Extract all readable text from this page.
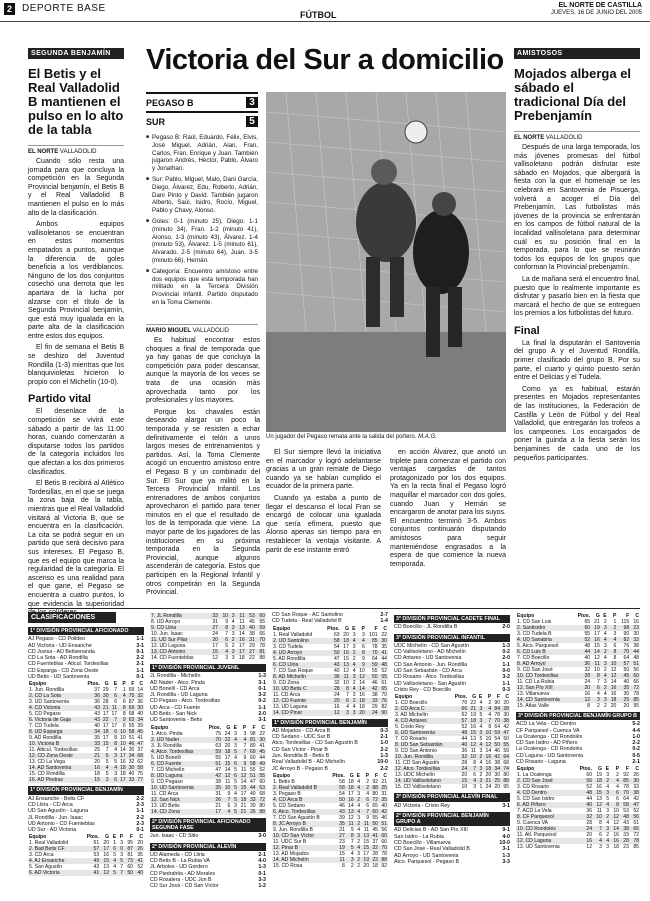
2 DEPORTE BASE
FÚTBOL
EL NORTE DE CASTILLA
JUEVES, 16 DE JUNIO DEL 2005
SEGUNDA BENJAMÍN
El Betis y el Real Valladolid B mantienen el pulso en lo alto de la tabla
EL NORTE VALLADOLID

Cuando sólo resta una jornada para que concluya la competición en la Segunda Provincial benjamín, el Betis B y el Real Valladolid B mantienen el pulso en lo más alto de la clasificación.

Ambos equipos vallisoletanos se encuentran en estos momentos empatados a puntos, aunque la diferencia de goles beneficia a los verdiblancos. Ninguno de los dos conjuntos cosechó una derrota que les apartara de la lucha por alzarse con el título de la Segunda Provincial benjamín, que está muy igualada en la parte alta de la clasificación entre estos dos equipos.

El fin de semana el Betis B se deshizo del Juventud Rondilla (1-3) mientras que los blanquivioletas hicieron lo propio con el Michelín (10-0).

Partido vital

El desenlace de la competición se vivirá este sábado a partir de las 11.00 horas, cuando comenzarán a disputarse todos los partidos de la categoría incluidos los que afectan a los dos primeros clasificados.

El Betis B recibirá al Atlético Tordesillas, en el que se juega la zona baja de la tabla, mientras que el Real Valladolid visitará al Victoria B, que se encuentra en la clasificación. La cita se podrá seguir en un partido que será decisivo para sus intereses. El Pegaso B, que es el equipo que marca la regularidad de la categoría. El ascenso es una realidad para el que gane, el Pegaso se encuentra a cuatro puntos, lo que evidencia la superioridad

Victoria del Sur a domicilio
PEGASO B	3
SUR	5

■ Pegaso B: Raúl, Eduardo, Félix, Elvis, José Miguel, Adrián, Alan, Fran, Carlos, Fran, Enrique y Juan. También jugaron Andrés, Héctor, Pablo, Álvaro y Jonathan.

■ Sur: Pablo, Miguel, Malo, Dani García, Diego, Álvarez, Edu, Roberto, Adrián, Dani Pinto y David. También jugaron Alberto, Saúl, Isidro, Rocío, Miguel, Pablo y Chavy, Alonso.

■ Goles: 0-1 (minuto 25), Diego. 1-1 (minuto 34), Fran. 1-2 (minuto 41), Alonso. 1-3 (minuto 43), Álvarez. 1-4 (minuto 53), Álvarez. 1-5 (minuto 61), Alvarado. 2-5 (minuto 64), Juan. 3-5 (minuto 66), Hernán.

■ Categoría: Encuentro amistoso entre dos equipos que esta temporada han militado en la Tercera División Provincial Infantil. Partido disputado en la Toma Clemente.

MARIO MIGUEL VALLADOLID
Un jugador del Pegaso remata ante la salida del portero. M.A.G.

Es habitual encontrar estos choques a final de temporada que ya hay ganas de que concluya la competición para poder descansar, aunque la mayoría de los veces se trata de una ocasión más aprovechada tanto por los profesionales y los mayores.

Porque los chavales están deseando alargar un poco la temporada y se resisten a echar definitivamente el telón a unos largos meses de entrenamientos y partidos. Así, la Toma Clemente acogió un encuentro amistoso entre el Pegaso B y un combinado del Sur. El Sur que ya militó en la Tercera Provincial Infantil. Los entrenadores de ambos conjuntos aprovecharon el partido para tener minutos en el que el resultado de los de la temporada que viene. La mayor parte de los jugadores de las instituciones en su próxima temporada en la Segunda Provincial, aunque algunos ascenderán de categoría. Estos que participen en la Regional Infantil y otros competirán en la Segunda Provincial.

El Sur siempre llevó la iniciativa en el marcador y logró adelantarse gracias a un gran remate de Diego cuando ya se habían cumplido el ecuador de la primera parte.

Cuando ya estaba a punto de llegar el descanso el local Fran se encargó de colocar una igualada que sería efímera, puesto que Alonso apenas sin tiempo para en restablecer la ventaja visitante. A partir de ese instante entró

en acción Álvarez, que anotó un triplete para comenzar el partido con ventajas cargadas de tantos protagonizado por los dos equipos. Ya en la recta final el Pegaso logró maquillar el marcador con dos goles, cuando Juan y Hernán se encargaron de anotar para los suyos. El encuentro terminó 3-5. Ambos conjuntos continuarán disputando amistosos para seguir manteniéndose engrasados a la espera de que comience la nueva temporada.

AMISTOSOS
Mojados alberga el sábado el tradicional Día del Prebenjamín
EL NORTE VALLADOLID

Después de una larga temporada, los más jóvenes promesas del fútbol vallisoletano podrán disfrutar este sábado en Mojados, que albergará la fiesta con la que el homenaje se les celebrará en Santovenia de Pisuerga, volverá a acoger el Día del Prebenjamín. Las futbolistas más jóvenes de la provincia se enfrentarán en los campos de fútbol natural de la localidad vallisoletana para determinar cuál es su posición final en la temporada, para lo que se reunirán todos los equipos de los grupos que conforman la Provincial prebenjamín.

La de mañana será el encuentro final, puesto que lo realmente importante es disfrutar y pasarlo bien en la fiesta que marcará el hecho de que se entreguen los premios a los futbolistas del futuro.

Final

La final la disputarán el Santovenia del grupo A y el Juventud Rondilla, primer clasificado del grupo B. Por su parte, el cuarto y quinto puesto serán entre el Delicias y el Tudela.

Como ya es habitual, estarán presentes en Mojados representantes de las instituciones, la Federación de Castilla y León de Fútbol y del Real Valladolid, que entregarán los trofeos a los campeones. Los encargados de poner la guinda a la fiesta serán los benjamines de cada uno de los pequeños participantes.

CLASIFICACIONES
1ª DIVISIÓN PROVINCIAL AFICIONADO
AJ Pegaso - CD Polideo	1-1
AD Victoria - UD Ensanche	3-1
CD Juvisa - AD Betisenanda	0-1
CD La Sota - AD Rondilla	2-2
CD Fuenteblas - Aticul. Tordesillas	2-1
CD Esparga - CD Zona Oeste	1-1
UD Betis - UD Santovenia	0-1
Equipo	Ptos.	G	E	P	F	C
1. Jun. Rondilla	37	29	7	1	69	14
2. CD La Sota	36	30	6	4	75	32
3. UD Santovenia	36	28	6	6	87	36
4. CD Victoria	43	21	11	8	69	30
5. CD Pegaso	43	17	17	8	68	40
6. Victoria de Gaja	43	22	7	9	63	34
7. CD Tudela	40	17	17	6	55	39
8. UD Esparga	34	18	6	10	58	45
9. AD Rondilla	35	17	8	10	51	41
10. Victoria B	33	15	8	10	46	47
11. Atticul. Tordesillas	25	7	4	14	30	37
12. CD Zona Oeste	21	6	3	17	34	68
13. CD La Vega	20	5	5	16	32	62
14. AD Santovenia	16	4	4	18	30	58
15. CD Rondilla	18	5	3	18	40	75
16. AD Piedras	15	3	6	17	33	77
1ª DIVISIÓN PROVINCIAL BENJAMÍN
AJ Ensanche - Betis CF	2-2
CD Lliria - CD Arca	2-3
UD San Agustín - Laguna	1-1
JL Rondilla - Jun. Isaac	2-2
UD Antonio - CD Fuenteblas	2-3
UD Sur - AD Victoria	0-1
Equipo	Ptos.	G	E	P	F	C
1. Real Valladolid	61	20	1	3	95	20
2. Bad Betis CF	57	17	6	0	87	26
3. CD Arca	53	16	5	3	81	35
4. AJ Ensanche	49	15	4	5	73	41
5. San Agustín	43	13	4	7	60	52
6. AD Victoria	41	12	5	7	50	40
7. JL Rondilla	33	10	3	11	53	60
8. UD Arroyo	31	9	4	11	45	55
9. CD Lliria	27	8	3	13	40	59
10. Jun. Isaac	24	7	3	14	38	66
11. UD Sur Pilar	20	6	2	16	31	70
12. UD Laguna	17	5	2	17	29	78
13. CD Antonio	15	4	3	17	27	81
14. CD Fuenteblas	12	3	3	18	22	88
1ª DIVISIÓN PROVINCIAL JUVENIL
JL Rondilla - Michelín	1-3
AD Nader - Atco. Pinda	3-1
UD Bonelli - CD Arca	0-1
JL Rondilla - UD Laguna	3-2
CD Pegaso - Atco. Tordesillas	0-2
UD Arca - CD Fuente	1-1
UD Betis - San Nick	2-0
UD Santovenia - Betis	3-1
Equipo	Ptos.	G	E	P	F	C
1. Atco. Pinda	75	24	3	3	98	22
2. UD Nader	70	22	4	4	81	30
3. JL Rondilla	63	20	3	7	80	41
4. Atco. Tordesillas	59	18	5	7	69	45
5. UD Bonelli	55	17	4	9	60	44
6. CD Fuente	51	15	6	9	58	49
7. CD Michelín	47	14	5	11	55	52
8. UD Laguna	42	12	6	12	51	55
9. CD Pegaso	38	11	5	14	47	60
10. UD Santovenia	35	10	5	15	44	63
11. CD Arca	31	9	4	17	40	68
12. San Nick	26	7	5	18	33	72
13. UD Betis	21	6	3	21	30	80
14. CD Zona	17	4	5	21	26	88
2ª DIVISIÓN PROVINCIAL AFICIONADO SEGUNDA FASE
Jun. Isaac - CD Sitio	3-0
2ª DIVISIÓN PROVINCIAL ALEVÍN
UD Alameda - CD Lliria	2-1
CD Betis B - La Rubia VA	4-0
JL Arboles - UD Gordero	1-3
CD Piedrahita - AD Morales	0-1
CD Rosalera - UDC Jun B	3-3
CD Sur Josá - CD San Víctor	1-2
CD San Roque - AC Santolino	2-7
CD Tudela - Real Valladolid B	1-4
Equipo	Ptos.	G	E	P	F	C
1. Real Valladolid	63	20	3	3	101	22
2. UD Santolino	58	18	4	4	85	30
3. CD Tudela	54	17	3	6	78	35
4. UD Arroyo	50	16	2	8	70	41
5. AD Rondilla	47	15	2	9	64	44
6. CD Lliria	43	13	4	9	59	48
7. CD San Roque	40	12	4	10	55	52
8. AD Michelín	36	11	3	12	50	55
9. CD Zona	32	10	2	14	46	61
10. UD Betis C	28	8	4	14	42	65
11. CD Arca	24	7	3	16	38	70
12. CD Fuente	20	6	2	18	33	76
13. UD Laguna	16	4	4	18	29	82
14. CD Pinar	12	3	3	20	24	90
1ª DIVISIÓN PROVINCIAL BENJAMÍN
AD Mojados - CD Arca B	0-3
CD Sedano - UDC Sur B	2-1
Atco. Tordesillas - CD San Agustín B	1-0
CD San Víctor - Pinar B	2-2
Jun. Rondilla B - Betis B	1-3
Real Valladolid B - AD Michelín	10-0
JC Arroyo B - Pegaso B	2-2
Equipo	Ptos.	G	E	P	F	C
1. Betis B	58	18	4	2	92	21
2. Real Valladolid B	58	18	4	2	88	25
3. Pegaso B	54	17	3	4	80	31
4. CD Arca B	50	16	2	6	72	35
5. CD Sedano	46	14	4	6	65	40
6. Atco. Tordesillas	43	13	4	7	60	42
7. CD San Agustín B	39	12	3	9	55	46
8. JC Arroyo B	35	11	2	11	50	51
9. Jun. Rondilla B	31	9	4	11	45	56
10. CD San Víctor	27	8	3	13	41	60
11. UDC Sur B	23	7	2	15	37	66
12. Pinar B	19	5	4	15	32	70
13. AD Mojados	15	4	3	17	28	78
14. AD Michelín	11	3	2	19	22	88
15. CD Rosa	8	2	2	20	18	92
3ª DIVISIÓN PROVINCIAL CADETE FINAL
CD Boecillo - JL Rondilla B	2-0
3ª DIVISIÓN PROVINCIAL INFANTIL
UDC Michelín - CD San Agustín	1-3
CD Vallisoletano - AD Michelín	0-2
CD Antares - UD Santovenia	2-0
CD San Antonio - Jun. Rondilla	1-1
UD San Sebastián - CD Arca	0-0
CD Rosario - Atco. Tordesillas	3-2
UD Vallisoletano - San Agustín	1-1
Cristo Rey - CD Boecillo	0-3
Equipo	Ptos.	G	E	P	F	C
1. CD Boecillo	70	22	4	2	90	20
2. CD Arca C	66	21	3	4	84	28
3. AD Michelín	62	19	5	4	78	30
4. CD Antares	57	18	3	7	70	38
5. Cristo Rey	52	16	4	8	64	42
6. UD Santovenia	48	15	3	10	59	47
7. CD Rosario	44	13	5	10	54	50
8. UD San Sebastián	40	12	4	12	50	55
9. CD San Antonio	36	11	3	14	46	59
10. Jun. Rondilla	32	10	2	16	42	64
11. CD San Agustín	28	8	4	16	38	68
12. Atco. Tordesillas	24	7	3	18	34	74
13. UDC Michelín	20	6	2	20	30	80
14. UD Vallisoletano	15	4	3	21	25	88
15. CD Vallisoletano	10	3	1	24	20	95
3ª DIVISIÓN PROVINCIAL ALEVÍN FINAL
AD Victoria - Cristo Rey	3-1
2ª DIVISIÓN PROVINCIAL BENJAMÍN GRUPO A
AD Delicias B - AD San Pío XIII	9-1
San Isidro - La Rubia	4-0
CD Boecillo - Villanueva	10-0
CD San José - Real Valladolid B	3-1
AD Arroyo - UD Santovenia	1-3
Atco. Parquesol - Pegaso B	3-3
Equipo	Ptos.	G	E	P	F	C
1. CD San Luis	65	21	2	1	115	16
2. Santisidro	60	19	3	2	98	23
3. CD Tudela B	55	17	4	3	90	30
4. UD Sanabria	52	16	4	4	82	33
5. Atco. Parquesol	48	15	3	6	76	38
6. CD Luis B	44	14	2	8	70	44
7. CD Boecillo	40	12	4	8	64	48
8. AD Arroyo	36	11	3	10	57	51
9. CD San José	32	10	2	12	50	56
10. CD Tordesillas	28	8	4	12	45	60
11. CD La Rubia	24	7	3	14	40	66
12. San Pío XIII	20	6	2	16	35	72
13. Villanueva	16	4	4	16	30	78
14. CD Santovenia	12	3	3	18	25	85
15. Atlas Valle	8	2	2	20	20	95
3ª DIVISIÓN PROVINCIAL BENJAMÍN GRUPO B
ACD La Vela - CD Dentro	5-2
CF Parquesol - Cuenca VA	4-4
La Ocalenga - CD Rondolés	1-0
CD San Isidro - AD Piñero	2-2
La Ocalenga - CD Rondolés	0-2
CD Laguna - UD Santovenia	0-5
CD Rosario - Laguna	2-1
Equipo	Ptos.	G	E	P	F	C
1. La Ocalenga	60	19	3	2	92	26
2. CD San José	56	18	2	4	85	30
3. CD Rosario	52	16	4	4	78	33
4. CD Dentro	48	15	3	6	70	38
5. CD San Isidro	44	13	5	6	64	42
6. AD Piñero	40	12	4	8	58	47
7. ACD La Vela	36	11	3	10	53	52
8. CF Parquesol	32	10	2	12	48	56
9. Cuenca VA	28	8	4	12	43	61
10. CD Rondolés	24	7	3	14	38	66
11. Atl. Parquesol	20	6	2	16	33	72
12. CD Laguna	16	4	4	16	28	78
13. UD Santovenia	12	3	3	18	23	85
